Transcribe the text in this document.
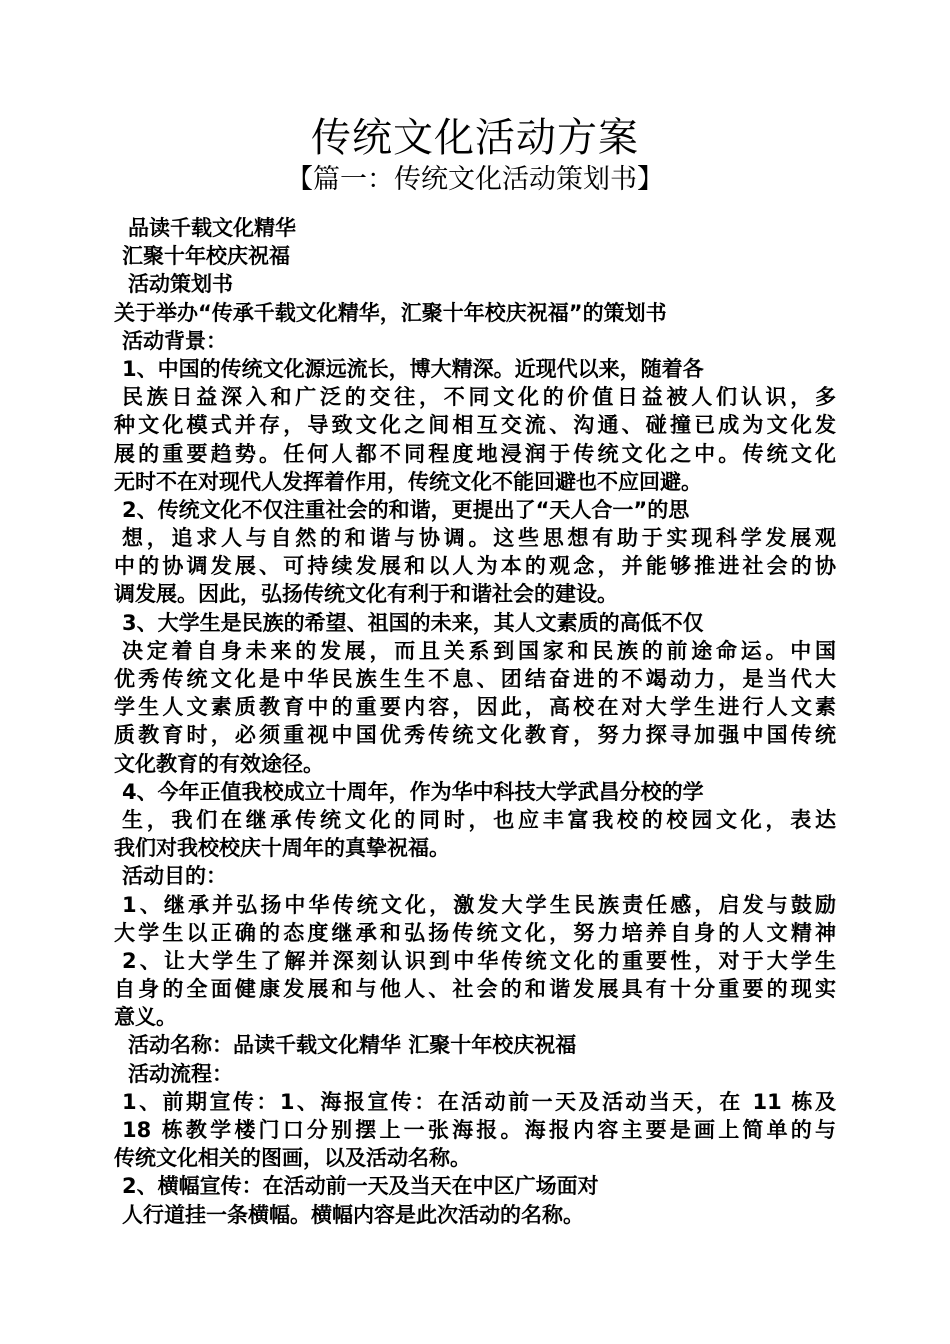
传统文化活动方案
【篇一：传统文化活动策划书】
品读千载文化精华
汇聚十年校庆祝福
活动策划书
关于举办“传承千载文化精华，汇聚十年校庆祝福”的策划书
活动背景：
1、中国的传统文化源远流长，博大精深。近现代以来，随着各
民族日益深入和广泛的交往，不同文化的价值日益被人们认识，多
种文化模式并存，导致文化之间相互交流、沟通、碰撞已成为文化发
展的重要趋势。任何人都不同程度地浸润于传统文化之中。传统文化
无时不在对现代人发挥着作用，传统文化不能回避也不应回避。
2、传统文化不仅注重社会的和谐，更提出了“天人合一”的思
想，追求人与自然的和谐与协调。这些思想有助于实现科学发展观
中的协调发展、可持续发展和以人为本的观念，并能够推进社会的协
调发展。因此，弘扬传统文化有利于和谐社会的建设。
3、大学生是民族的希望、祖国的未来，其人文素质的高低不仅
决定着自身未来的发展，而且关系到国家和民族的前途命运。中国
优秀传统文化是中华民族生生不息、团结奋进的不竭动力，是当代大
学生人文素质教育中的重要内容，因此，高校在对大学生进行人文素
质教育时，必须重视中国优秀传统文化教育，努力探寻加强中国传统
文化教育的有效途径。
4、今年正值我校成立十周年，作为华中科技大学武昌分校的学
生，我们在继承传统文化的同时，也应丰富我校的校园文化，表达
我们对我校校庆十周年的真挚祝福。
活动目的：
1、继承并弘扬中华传统文化，激发大学生民族责任感，启发与鼓励
大学生以正确的态度继承和弘扬传统文化，努力培养自身的人文精神
2、让大学生了解并深刻认识到中华传统文化的重要性，对于大学生
自身的全面健康发展和与他人、社会的和谐发展具有十分重要的现实
意义。
活动名称：品读千载文化精华 汇聚十年校庆祝福
活动流程：
1、前期宣传：1、海报宣传：在活动前一天及活动当天，在 11 栋及
18 栋教学楼门口分别摆上一张海报。海报内容主要是画上简单的与
传统文化相关的图画，以及活动名称。
2、横幅宣传：在活动前一天及当天在中区广场面对
人行道挂一条横幅。横幅内容是此次活动的名称。
